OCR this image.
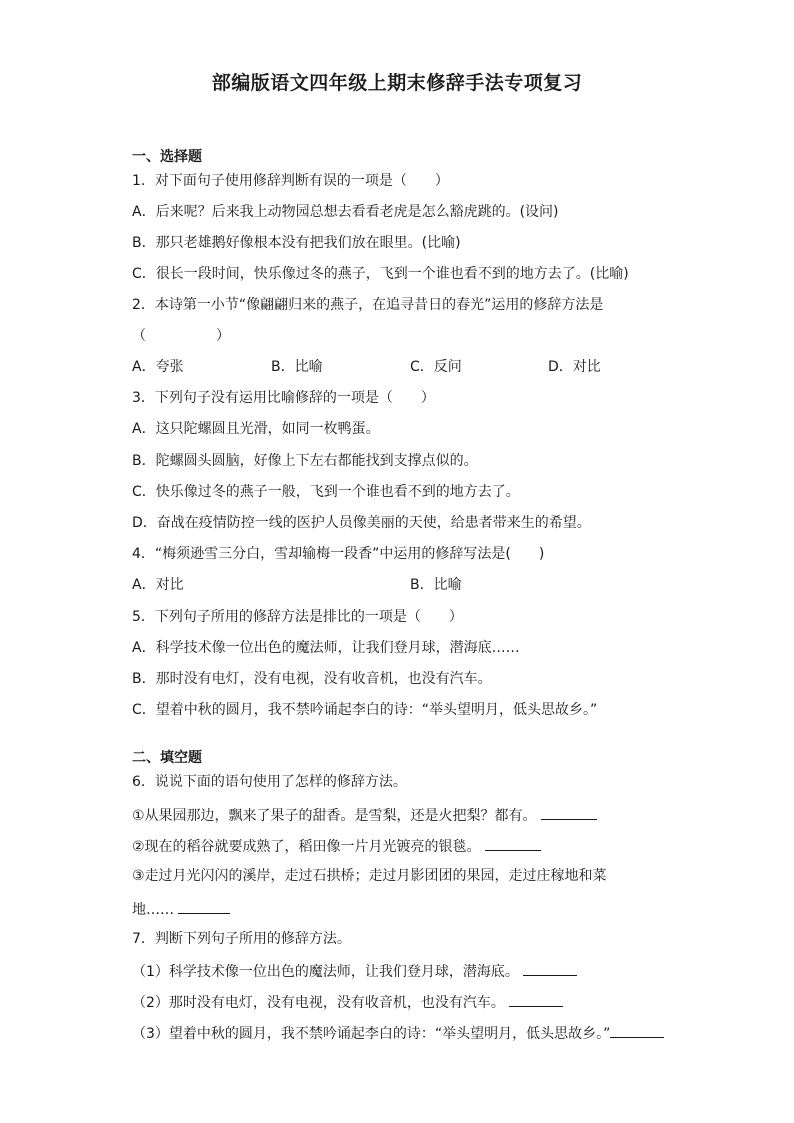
部编版语文四年级上期末修辞手法专项复习
一、选择题
1．对下面句子使用修辞判断有误的一项是（　　）
A．后来呢？后来我上动物园总想去看看老虎是怎么豁虎跳的。(设问)
B．那只老雄鹅好像根本没有把我们放在眼里。(比喻)
C．很长一段时间，快乐像过冬的燕子，飞到一个谁也看不到的地方去了。(比喻)
2．本诗第一小节“像翩翩归来的燕子，在追寻昔日的春光”运用的修辞方法是
（　　　　　）
A．夸张	B．比喻	C．反问	D．对比
3．下列句子没有运用比喻修辞的一项是（　　）
A．这只陀螺圆且光滑，如同一枚鸭蛋。
B．陀螺圆头圆脑，好像上下左右都能找到支撑点似的。
C．快乐像过冬的燕子一般，飞到一个谁也看不到的地方去了。
D．奋战在疫情防控一线的医护人员像美丽的天使，给患者带来生的希望。
4．“梅须逊雪三分白，雪却输梅一段香”中运用的修辞写法是(　　)
A．对比	B．比喻
5．下列句子所用的修辞方法是排比的一项是（　　）
A．科学技术像一位出色的魔法师，让我们登月球，潜海底……
B．那时没有电灯，没有电视，没有收音机，也没有汽车。
C．望着中秋的圆月，我不禁吟诵起李白的诗：“举头望明月，低头思故乡。”
二、填空题
6．说说下面的语句使用了怎样的修辞方法。
①从果园那边，飘来了果子的甜香。是雪梨，还是火把梨？都有。
②现在的稻谷就要成熟了，稻田像一片月光镀亮的银毯。
③走过月光闪闪的溪岸，走过石拱桥；走过月影团团的果园，走过庄稼地和菜
地……
7．判断下列句子所用的修辞方法。
（1）科学技术像一位出色的魔法师，让我们登月球，潜海底。
（2）那时没有电灯，没有电视，没有收音机，也没有汽车。
（3）望着中秋的圆月，我不禁吟诵起李白的诗：“举头望明月，低头思故乡。”
